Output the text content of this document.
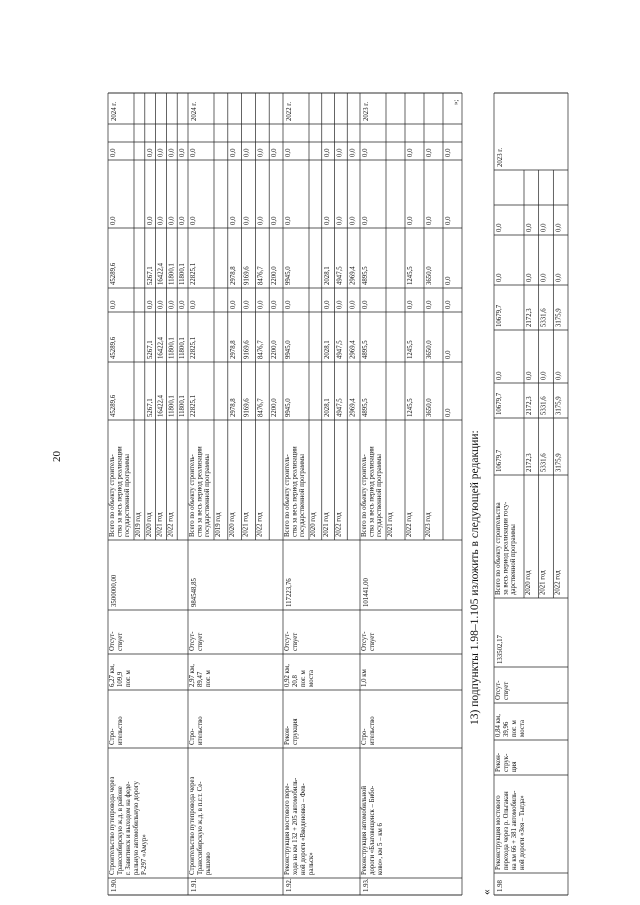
1.90.
Строительство путепровода через Транссибирскую ж.д. в районе г. Завитинск и выходом на феде- ральную автомобильную дорогу Р-297 «Амур»
Стро- ительство
6,27 км, 109,9 пог. м
Отсут- ствует
3500000,00
Всего по объекту строитель- ства за весь период реализации государственной программы
45289,6
45289,6
0,0
45289,6
0,0
0,0
2019 год 2020 год
5267,1
5267,1
0,0
5267,1
0,0
0,0
2021 год
16422,4
16422,4
0,0
16422,4
0,0
0,0
2022 год
11800,1
11800,1
0,0
11800,1
0,0
0,0
11800,1
11800,1
0,0
11800,1
0,0
0,0
2024 г.
1.91.
Строительство путепровода через Транссибирскую ж.д. в п.г.т. Се- рышево
Стро- ительство
2,97 км, 89,47 пог. м
Отсут- ствует
984548,85
Всего по объекту строитель- ства за весь период реализации государственной программы
22825,1
22825,1
0,0
22825,1
0,0
0,0
2019 год 2020 год
2978,8
2978,8
0,0
2978,8
0,0
0,0
2021 год
9169,6
9169,6
0,0
9169,6
0,0
0,0
2022 год
8476,7
8476,7
0,0
8476,7
0,0
0,0
2200,0
2200,0
0,0
2200,0
0,0
0,0
2024 г.
1.92.
Реконструкция мостового пере- хода на км 132 + 205 автомобиль- ной дороги «Введеновка – Фев- ральск»
Рекон- струкция
0,92 км, 20,8 пог. м моста
Отсут- ствует
117223,76
Всего по объекту строитель- ства за весь период реализации государственной программы
9945,0
9945,0
0,0
9945,0
0,0
0,0
2020 год 2021 год
2028,1
2028,1
0,0
2028,1
0,0
0,0
2022 год
4947,5
4947,5
0,0
4947,5
0,0
0,0
2969,4
2969,4
0,0
2969,4
0,0
0,0
2022 г.
1.93.
Реконструкция автомобильной дороги «Благовещенск – Бибо- ково», км 5 – км 6
Стро- ительство
1,0 км
Отсут- ствует
101441,00
Всего по объекту строитель- ства за весь период реализации государственной программы
4895,5
4895,5
0,0
4895,5
0,0
0,0
2021 год 2022 год
1245,5
1245,5
0,0
1245,5
0,0
0,0
2023 год
3650,0
3650,0
0,0
3650,0
0,0
0,0
0,0
0,0
0,0
0,0
0,0
0,0
2023 г.	»;
13) подпункты 1.98–1.105 изложить в следующей редакции:
«
1.98
Реконструкция мостового перехода через р. Ольгакан на км 66 + 381 автомобиль- ной дороги «Зея – Тыгда»
Рекон- струк- ция
0,84 км, 39,96 пог. м моста
Отсут- ствует
133502,17
Всего по объекту строительства за весь период реализации госу- дарственной программы
10679,7
10679,7
0,0
10679,7
0,0
0,0
2020 год
2172,3
2172,3
0,0
2172,3
0,0
0,0
2021 год
5331,6
5331,6
0,0
5331,6
0,0
0,0
2022 год
3175,9
3175,9
0,0
3175,9
0,0
0,0
2023 г.
20
